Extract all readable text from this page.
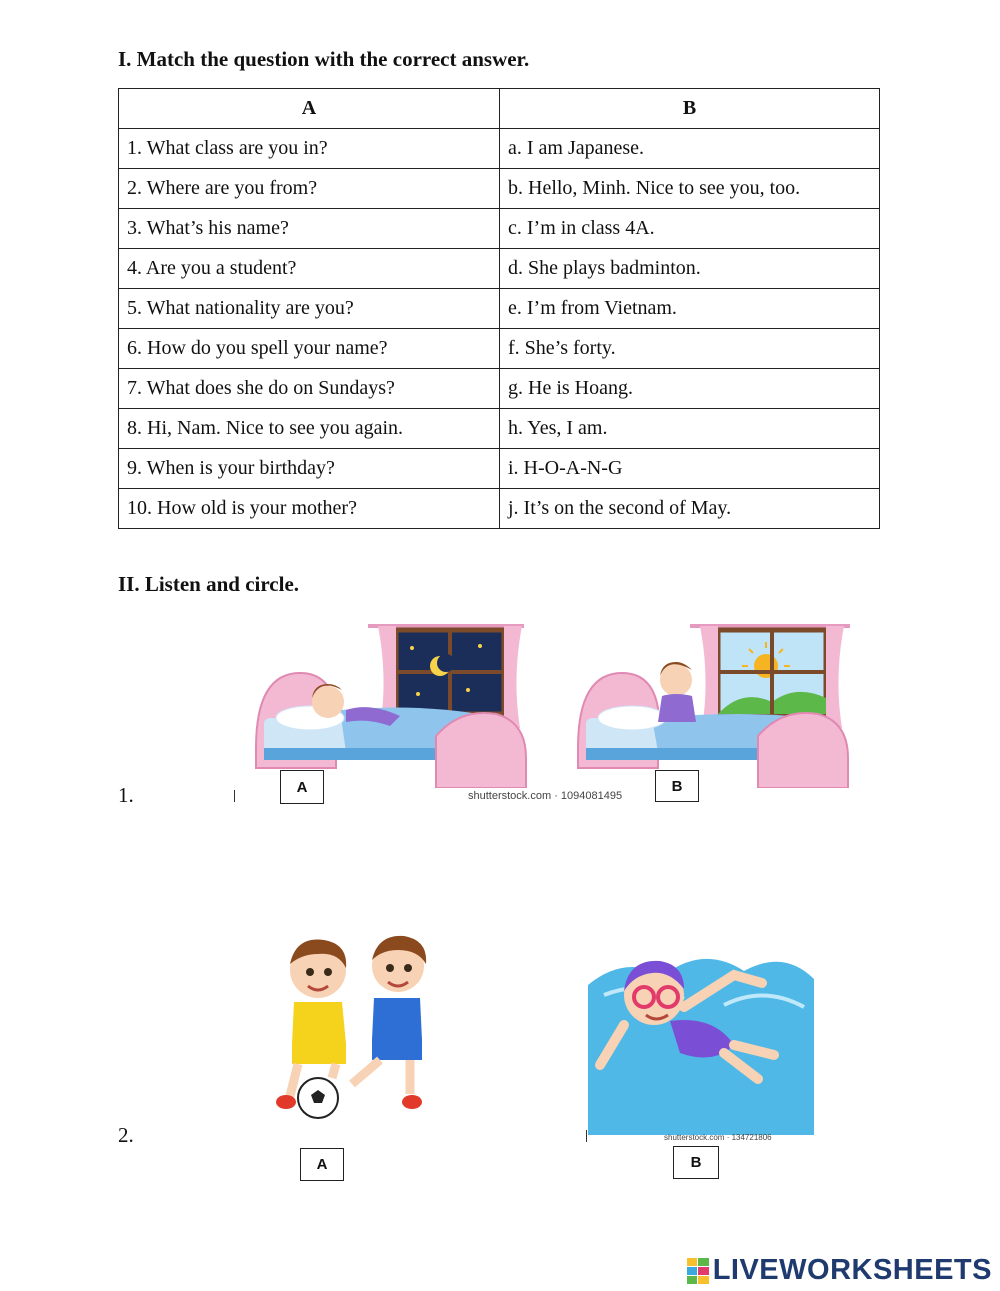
I. Match the question with the correct answer.
A	B
1. What class are you in?	a. I am Japanese.
2. Where are you from?	b. Hello, Minh. Nice to see you, too.
3. What’s his name?	c. I’m in class 4A.
4. Are you a student?	d. She plays badminton.
5. What nationality are you?	e. I’m from Vietnam.
6. How do you spell your name?	f. She’s forty.
7. What does she do on Sundays?	g. He is Hoang.
8. Hi, Nam. Nice to see you again.	h. Yes, I am.
9. When is your birthday?	i. H-O-A-N-G
10. How old is your mother?	j. It’s on the second of May.
II. Listen and circle.
1.	shutterstock.com · 1094081495
A	B
2.	shutterstock.com · 134721806
A	B
LIVEWORKSHEETS
